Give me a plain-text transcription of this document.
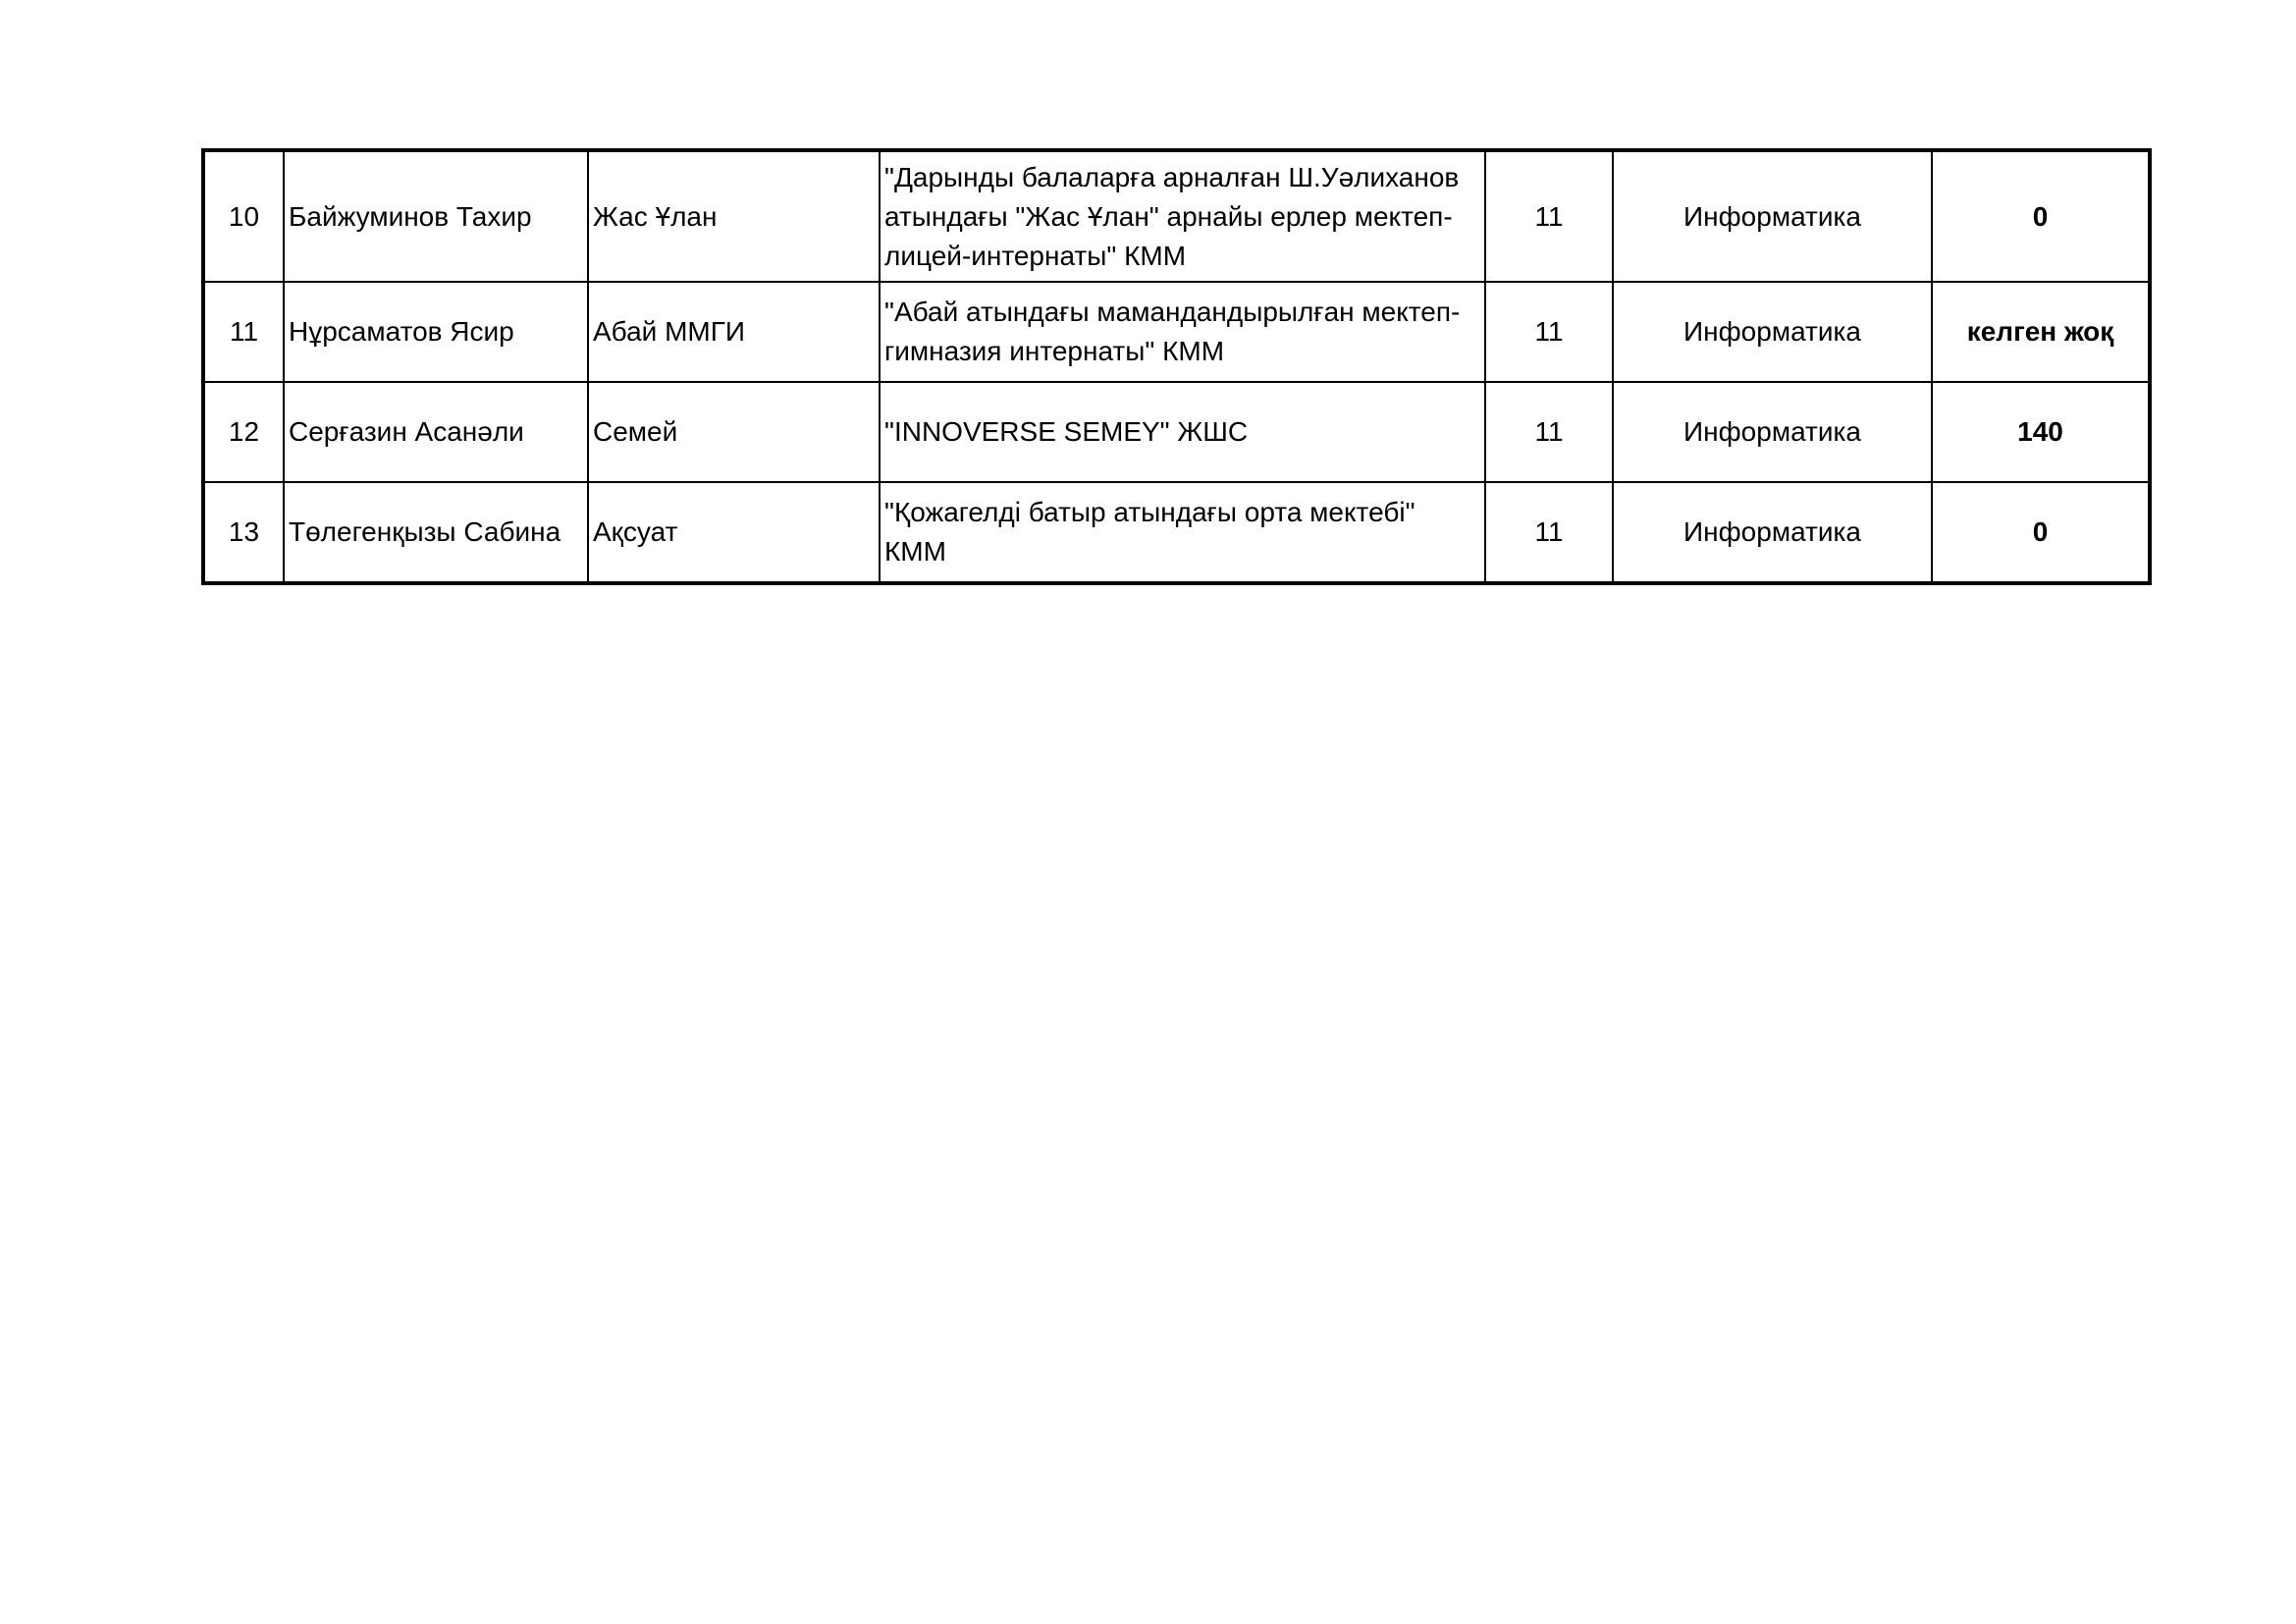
10	Байжуминов Тахир	Жас Ұлан	"Дарынды балаларға арналған Ш.Уәлиханов
атындағы "Жас Ұлан" арнайы ерлер мектеп-
лицей-интернаты" КММ	11	Информатика	0
11	Нұрсаматов Ясир	Абай ММГИ	"Абай атындағы мамандандырылған мектеп-
гимназия интернаты" КММ	11	Информатика	келген жоқ
12	Серғазин Асанәли	Семей	"INNOVERSE SEMEY" ЖШС	11	Информатика	140
13	Төлегенқызы Сабина	Ақсуат	"Қожагелді батыр атындағы орта мектебі"
КММ	11	Информатика	0
